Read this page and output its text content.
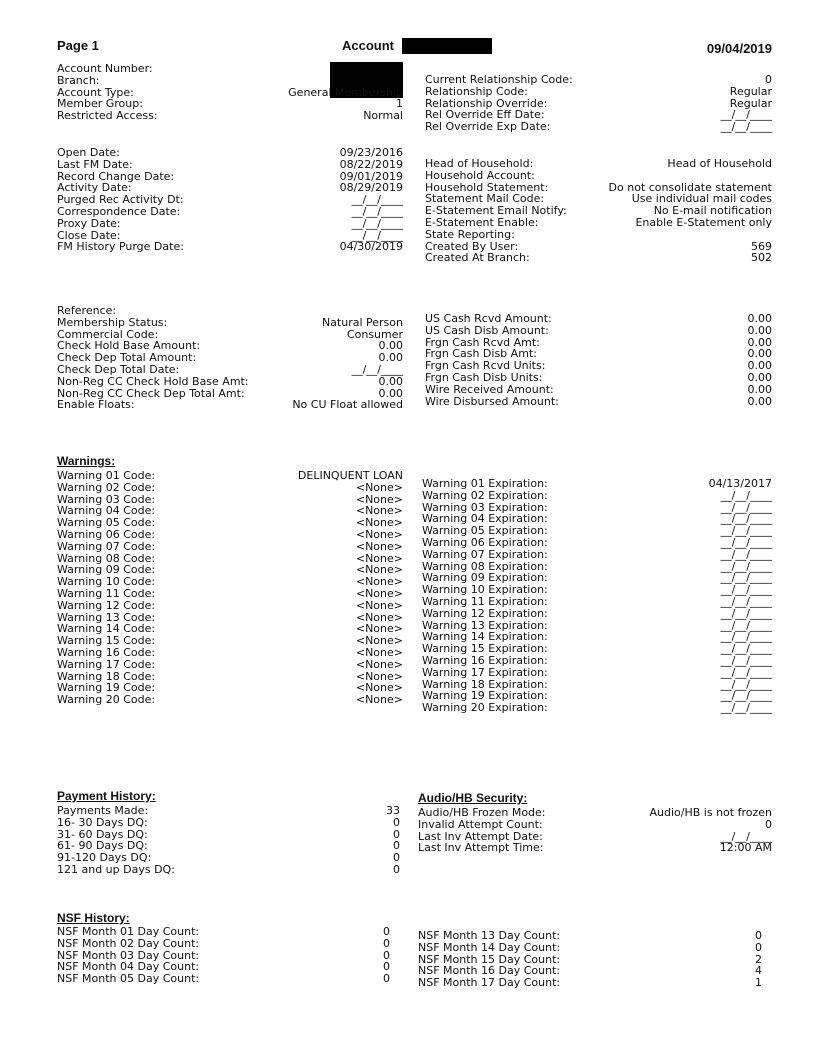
Page 1	Account	09/04/2019
Account Number:
Branch:
Account Type:	General Membership
Member Group:	1
Restricted Access:	Normal
Current Relationship Code:	0
Relationship Code:	Regular
Relationship Override:	Regular
Rel Override Eff Date:	__/__/____
Rel Override Exp Date:	__/__/____
Open Date:	09/23/2016
Last FM Date:	08/22/2019
Record Change Date:	09/01/2019
Activity Date:	08/29/2019
Purged Rec Activity Dt:	__/__/____
Correspondence Date:	__/__/____
Proxy Date:	__/__/____
Close Date:	__/__/____
FM History Purge Date:	04/30/2019
Head of Household:	Head of Household
Household Account:
Household Statement:	Do not consolidate statement
Statement Mail Code:	Use individual mail codes
E-Statement Email Notify:	No E-mail notification
E-Statement Enable:	Enable E-Statement only
State Reporting:
Created By User:	569
Created At Branch:	502
Reference:
Membership Status:	Natural Person
Commercial Code:	Consumer
Check Hold Base Amount:	0.00
Check Dep Total Amount:	0.00
Check Dep Total Date:	__/__/____
Non-Reg CC Check Hold Base Amt:	0.00
Non-Reg CC Check Dep Total Amt:	0.00
Enable Floats:	No CU Float allowed
US Cash Rcvd Amount:	0.00
US Cash Disb Amount:	0.00
Frgn Cash Rcvd Amt:	0.00
Frgn Cash Disb Amt:	0.00
Frgn Cash Rcvd Units:	0.00
Frgn Cash Disb Units:	0.00
Wire Received Amount:	0.00
Wire Disbursed Amount:	0.00
Warnings:
Warning 01 Code:	DELINQUENT LOAN
Warning 02 Code:	<None>
Warning 03 Code:	<None>
Warning 04 Code:	<None>
Warning 05 Code:	<None>
Warning 06 Code:	<None>
Warning 07 Code:	<None>
Warning 08 Code:	<None>
Warning 09 Code:	<None>
Warning 10 Code:	<None>
Warning 11 Code:	<None>
Warning 12 Code:	<None>
Warning 13 Code:	<None>
Warning 14 Code:	<None>
Warning 15 Code:	<None>
Warning 16 Code:	<None>
Warning 17 Code:	<None>
Warning 18 Code:	<None>
Warning 19 Code:	<None>
Warning 20 Code:	<None>
Warning 01 Expiration:	04/13/2017
Warning 02 Expiration:	__/__/____
Warning 03 Expiration:	__/__/____
Warning 04 Expiration:	__/__/____
Warning 05 Expiration:	__/__/____
Warning 06 Expiration:	__/__/____
Warning 07 Expiration:	__/__/____
Warning 08 Expiration:	__/__/____
Warning 09 Expiration:	__/__/____
Warning 10 Expiration:	__/__/____
Warning 11 Expiration:	__/__/____
Warning 12 Expiration:	__/__/____
Warning 13 Expiration:	__/__/____
Warning 14 Expiration:	__/__/____
Warning 15 Expiration:	__/__/____
Warning 16 Expiration:	__/__/____
Warning 17 Expiration:	__/__/____
Warning 18 Expiration:	__/__/____
Warning 19 Expiration:	__/__/____
Warning 20 Expiration:	__/__/____
Payment History:
Payments Made:	33
16- 30 Days DQ:	0
31- 60 Days DQ:	0
61- 90 Days DQ:	0
91-120 Days DQ:	0
121 and up Days DQ:	0
Audio/HB Security:
Audio/HB Frozen Mode:	Audio/HB is not frozen
Invalid Attempt Count:	0
Last Inv Attempt Date:	__/__/____
Last Inv Attempt Time:	12:00 AM
NSF History:
NSF Month 01 Day Count:	0
NSF Month 02 Day Count:	0
NSF Month 03 Day Count:	0
NSF Month 04 Day Count:	0
NSF Month 05 Day Count:	0
NSF Month 13 Day Count:	0
NSF Month 14 Day Count:	0
NSF Month 15 Day Count:	2
NSF Month 16 Day Count:	4
NSF Month 17 Day Count:	1
